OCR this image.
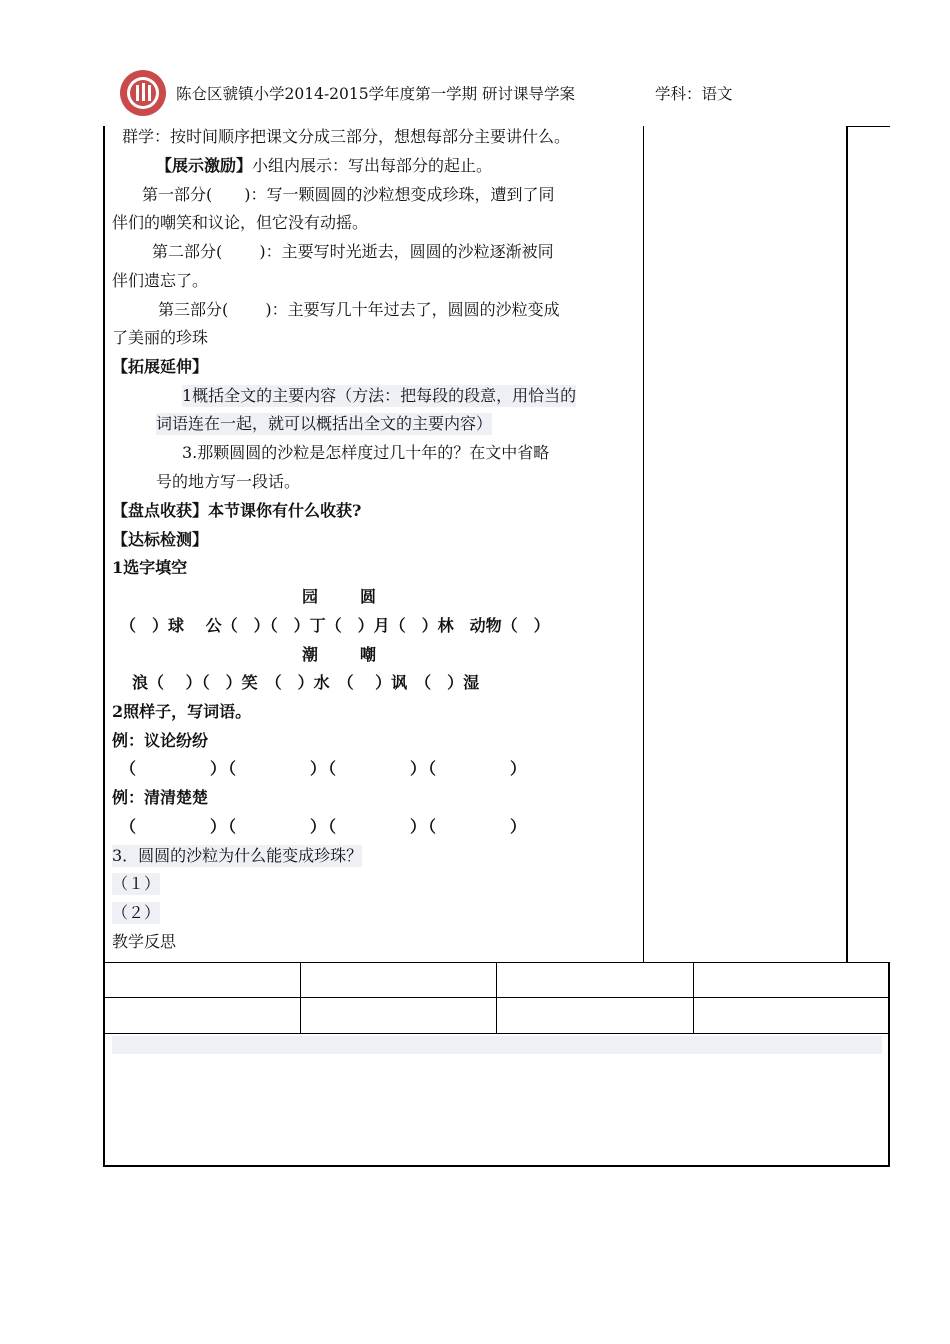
陈仓区虢镇小学2014-2015学年度第一学期 研讨课导学案	学科：语文
群学：按时间顺序把课文分成三部分，想想每部分主要讲什么。
【展示激励】小组内展示：写出每部分的起止。
第一部分(　　)：写一颗圆圆的沙粒想变成珍珠，遭到了同
伴们的嘲笑和议论，但它没有动摇。
第二部分(　　 )：主要写时光逝去，圆圆的沙粒逐渐被同
伴们遗忘了。
第三部分(　　 )：主要写几十年过去了，圆圆的沙粒变成
了美丽的珍珠
【拓展延伸】
1概括全文的主要内容（方法：把每段的段意，用恰当的
词语连在一起，就可以概括出全文的主要内容）
3.那颗圆圆的沙粒是怎样度过几十年的？在文中省略
号的地方写一段话。
【盘点收获】本节课你有什么收获?
【达标检测】
1选字填空
园	圆
（　）球　 公（　）（　）丁（　）月（　）林　动物（　）
潮	嘲
浪（　 ）（　）笑　（　）水　（　 ）讽　（　）湿
2照样子，写词语。
例：议论纷纷
（　　　　）（　　　　）（　　　　）（　　　　）
例：清清楚楚
（　　　　）（　　　　）（　　　　）（　　　　）
3．圆圆的沙粒为什么能变成珍珠？
（１）
（２）
教学反思
